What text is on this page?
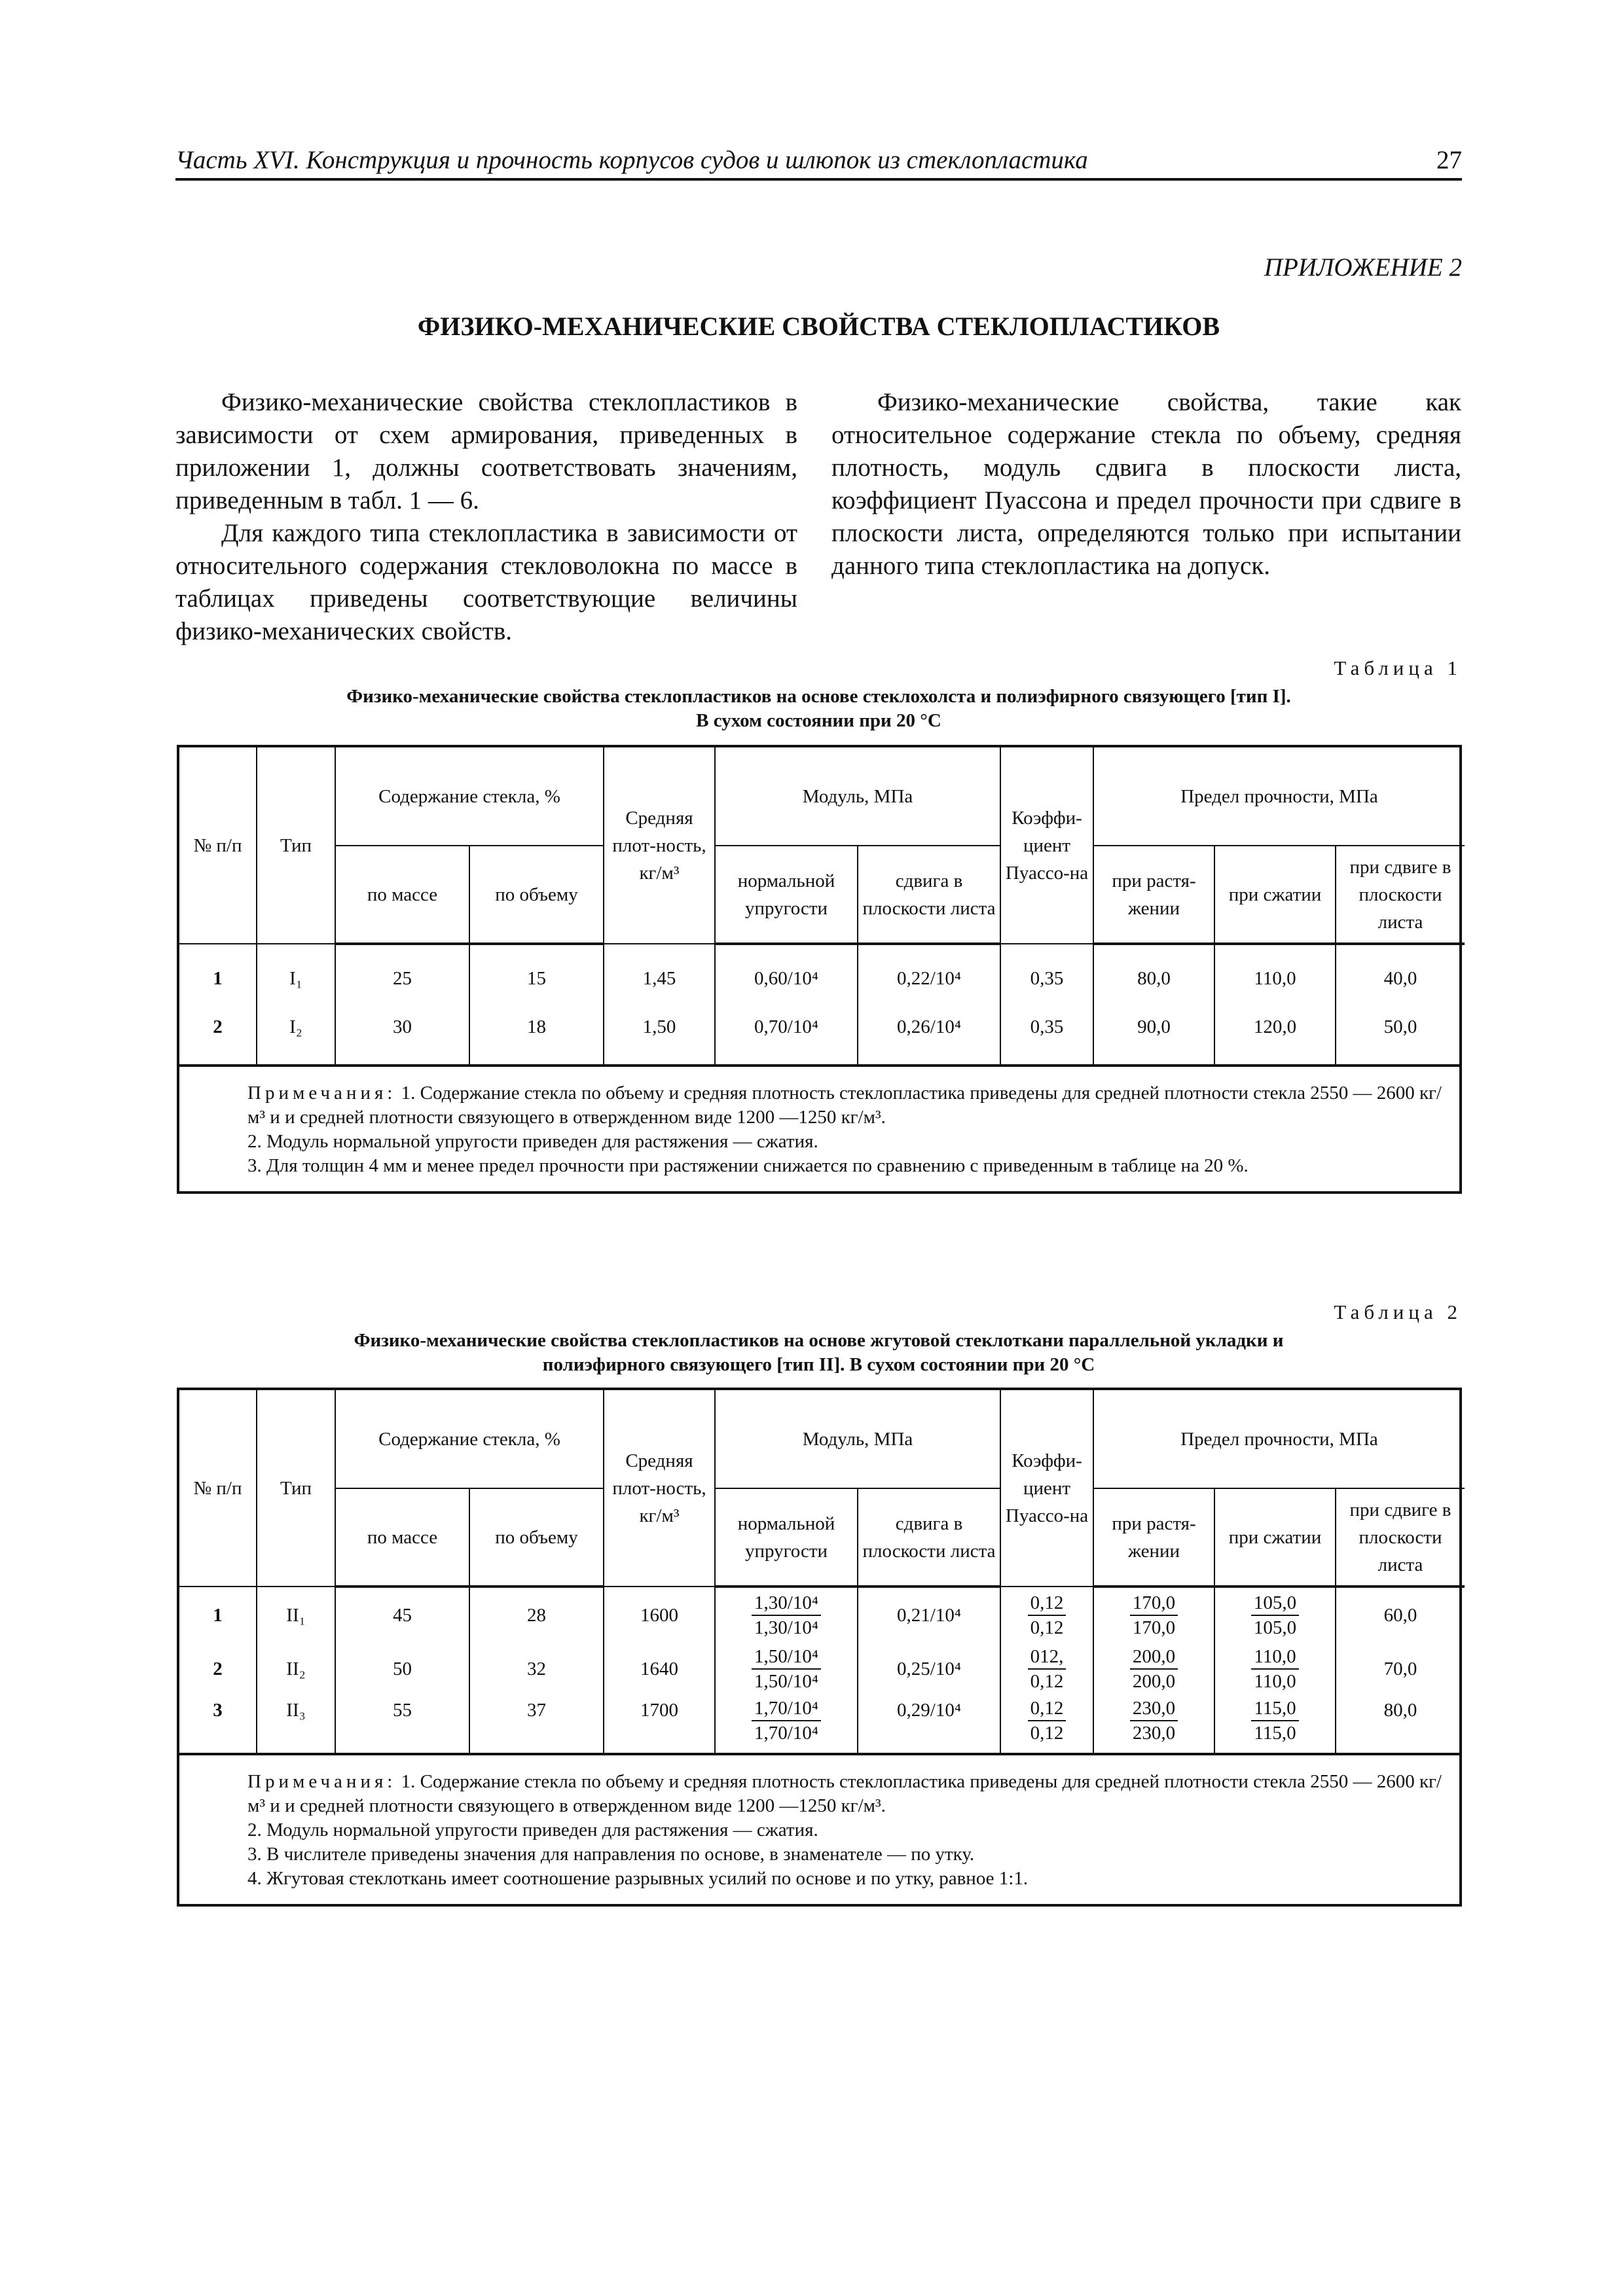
Часть XVI. Конструкция и прочность корпусов судов и шлюпок из стеклопластика	27
ПРИЛОЖЕНИЕ 2
ФИЗИКО-МЕХАНИЧЕСКИЕ СВОЙСТВА СТЕКЛОПЛАСТИКОВ

Физико-механические свойства стеклопластиков в зависимости от схем армирования, приведенных в приложении 1, должны соответствовать значениям, приведенным в табл. 1 — 6.

Для каждого типа стеклопластика в зависимости от относительного содержания стекловолокна по массе в таблицах приведены соответствующие величины физико-механических свойств.

Физико-механические свойства, такие как относительное содержание стекла по объему, средняя плотность, модуль сдвига в плоскости листа, коэффициент Пуассона и предел прочности при сдвиге в плоскости листа, определяются только при испытании данного типа стеклопластика на допуск.

Таблица 1
Физико-механические свойства стеклопластиков на основе стеклохолста и полиэфирного связующего [тип I].
В сухом состоянии при 20 °С
№ п/п	Тип	Содержание стекла, %		Средняя плот-ность, кг/м³	Модуль, МПа		Коэффи-циент Пуассо-на	Предел прочности, МПа		
		по массе	по объему		нормальной упругости	сдвига в плоскости листа		при растя-жении	при сжатии	при сдвиге в плоскости листа
1	I₁	25	15	1,45	0,60/10⁴	0,22/10⁴	0,35	80,0	110,0	40,0
2	I₂	30	18	1,50	0,70/10⁴	0,26/10⁴	0,35	90,0	120,0	50,0

Примечания: 1. Содержание стекла по объему и средняя плотность стеклопластика приведены для средней плотности стекла 2550 — 2600 кг/м³ и и средней плотности связующего в отвержденном виде 1200 —1250 кг/м³.

2. Модуль нормальной упругости приведен для растяжения — сжатия.

3. Для толщин 4 мм и менее предел прочности при растяжении снижается по сравнению с приведенным в таблице на 20 %.

Таблица 2
Физико-механические свойства стеклопластиков на основе жгутовой стеклоткани параллельной укладки и
полиэфирного связующего [тип II]. В сухом состоянии при 20 °С
№ п/п	Тип	Содержание стекла, %		Средняя плот-ность, кг/м³	Модуль, МПа		Коэффи-циент Пуассо-на	Предел прочности, МПа		
		по массе	по объему		нормальной упругости	сдвига в плоскости листа		при растя-жении	при сжатии	при сдвиге в плоскости листа
1	II₁	45	28	1600	$\frac{\text{1,30/10⁴}}{\text{1,30/10⁴}}$	0,21/10⁴	$\frac{0,12}{0,12}$	$\frac{170,0}{170,0}$	$\frac{105,0}{105,0}$	60,0
2	II₂	50	32	1640	$\frac{\text{1,50/10⁴}}{\text{1,50/10⁴}}$	0,25/10⁴	$\frac{012,}{0,12}$	$\frac{200,0}{200,0}$	$\frac{110,0}{110,0}$	70,0
3	II₃	55	37	1700	$\frac{\text{1,70/10⁴}}{\text{1,70/10⁴}}$	0,29/10⁴	$\frac{0,12}{0,12}$	$\frac{230,0}{230,0}$	$\frac{115,0}{115,0}$	80,0

Примечания: 1. Содержание стекла по объему и средняя плотность стеклопластика приведены для средней плотности стекла 2550 — 2600 кг/м³ и и средней плотности связующего в отвержденном виде 1200 —1250 кг/м³.

2. Модуль нормальной упругости приведен для растяжения — сжатия.

3. В числителе приведены значения для направления по основе, в знаменателе — по утку.

4. Жгутовая стеклоткань имеет соотношение разрывных усилий по основе и по утку, равное 1:1.
